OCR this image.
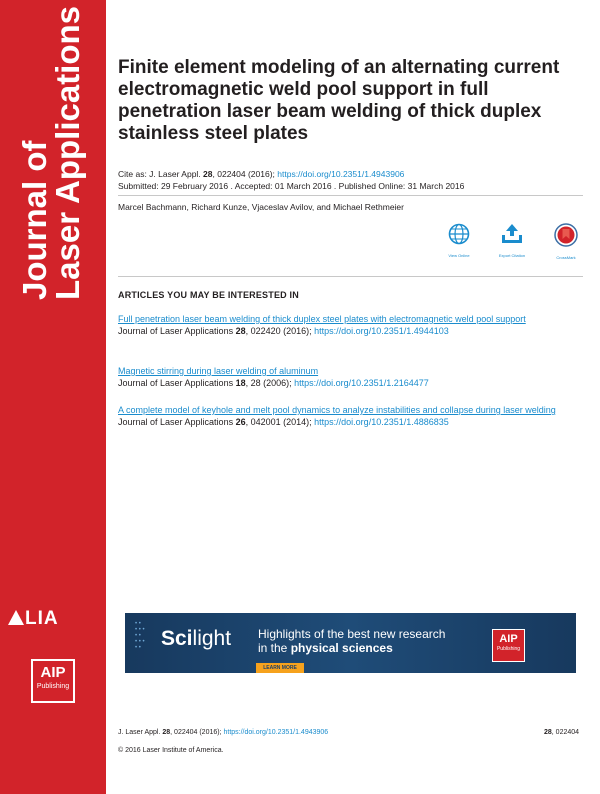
Journal of
Laser Applications
LIA
AIP
Publishing
Finite element modeling of an alternating current electromagnetic weld pool support in full penetration laser beam welding of thick duplex stainless steel plates
Cite as: J. Laser Appl. 28, 022404 (2016); https://doi.org/10.2351/1.4943906
Submitted: 29 February 2016 . Accepted: 01 March 2016 . Published Online: 31 March 2016
Marcel Bachmann, Richard Kunze, Vjaceslav Avilov, and Michael Rethmeier
View Online	Export Citation	CrossMark
ARTICLES YOU MAY BE INTERESTED IN
Full penetration laser beam welding of thick duplex steel plates with electromagnetic weld pool support
Journal of Laser Applications 28, 022420 (2016); https://doi.org/10.2351/1.4944103
Magnetic stirring during laser welding of aluminum
Journal of Laser Applications 18, 28 (2006); https://doi.org/10.2351/1.2164477
A complete model of keyhole and melt pool dynamics to analyze instabilities and collapse during laser welding
Journal of Laser Applications 26, 042001 (2014); https://doi.org/10.2351/1.4886835
• •
• • •
• •
• • •
• • Scilight Highlights of the best new research
in the physical sciences
LEARN MORE
AIP
Publishing
J. Laser Appl. 28, 022404 (2016); https://doi.org/10.2351/1.4943906	28, 022404
© 2016 Laser Institute of America.
